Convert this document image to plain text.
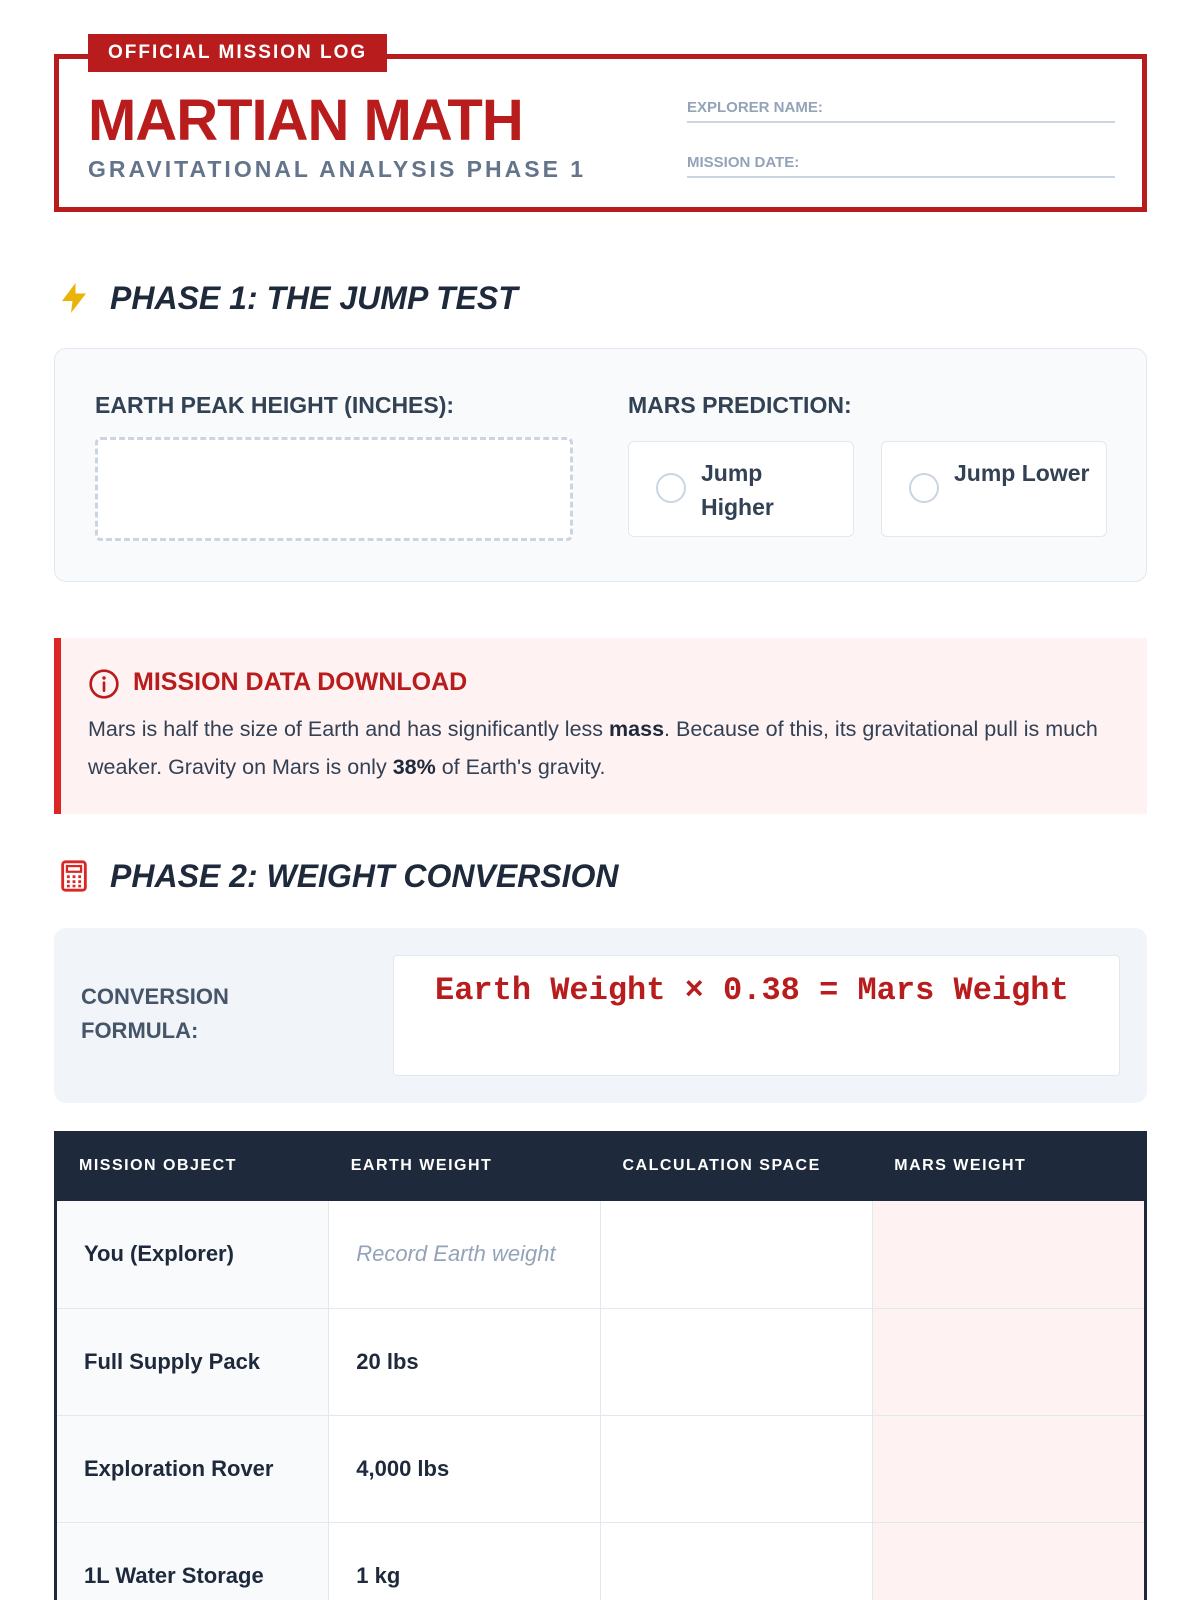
OFFICIAL MISSION LOG
MARTIAN MATH
GRAVITATIONAL ANALYSIS PHASE 1
EXPLORER NAME:
MISSION DATE:
PHASE 1: THE JUMP TEST
EARTH PEAK HEIGHT (INCHES):	MARS PREDICTION:
Jump Higher
Jump Lower
MISSION DATA DOWNLOAD
Mars is half the size of Earth and has significantly less mass. Because of this, its gravitational pull is much weaker. Gravity on Mars is only 38% of Earth's gravity.
PHASE 2: WEIGHT CONVERSION
CONVERSION FORMULA:
Earth Weight × 0.38 = Mars Weight
MISSION OBJECT	EARTH WEIGHT	CALCULATION SPACE	MARS WEIGHT
You (Explorer)	Record Earth weight		
Full Supply Pack	20 lbs		
Exploration Rover	4,000 lbs		
1L Water Storage	1 kg		
